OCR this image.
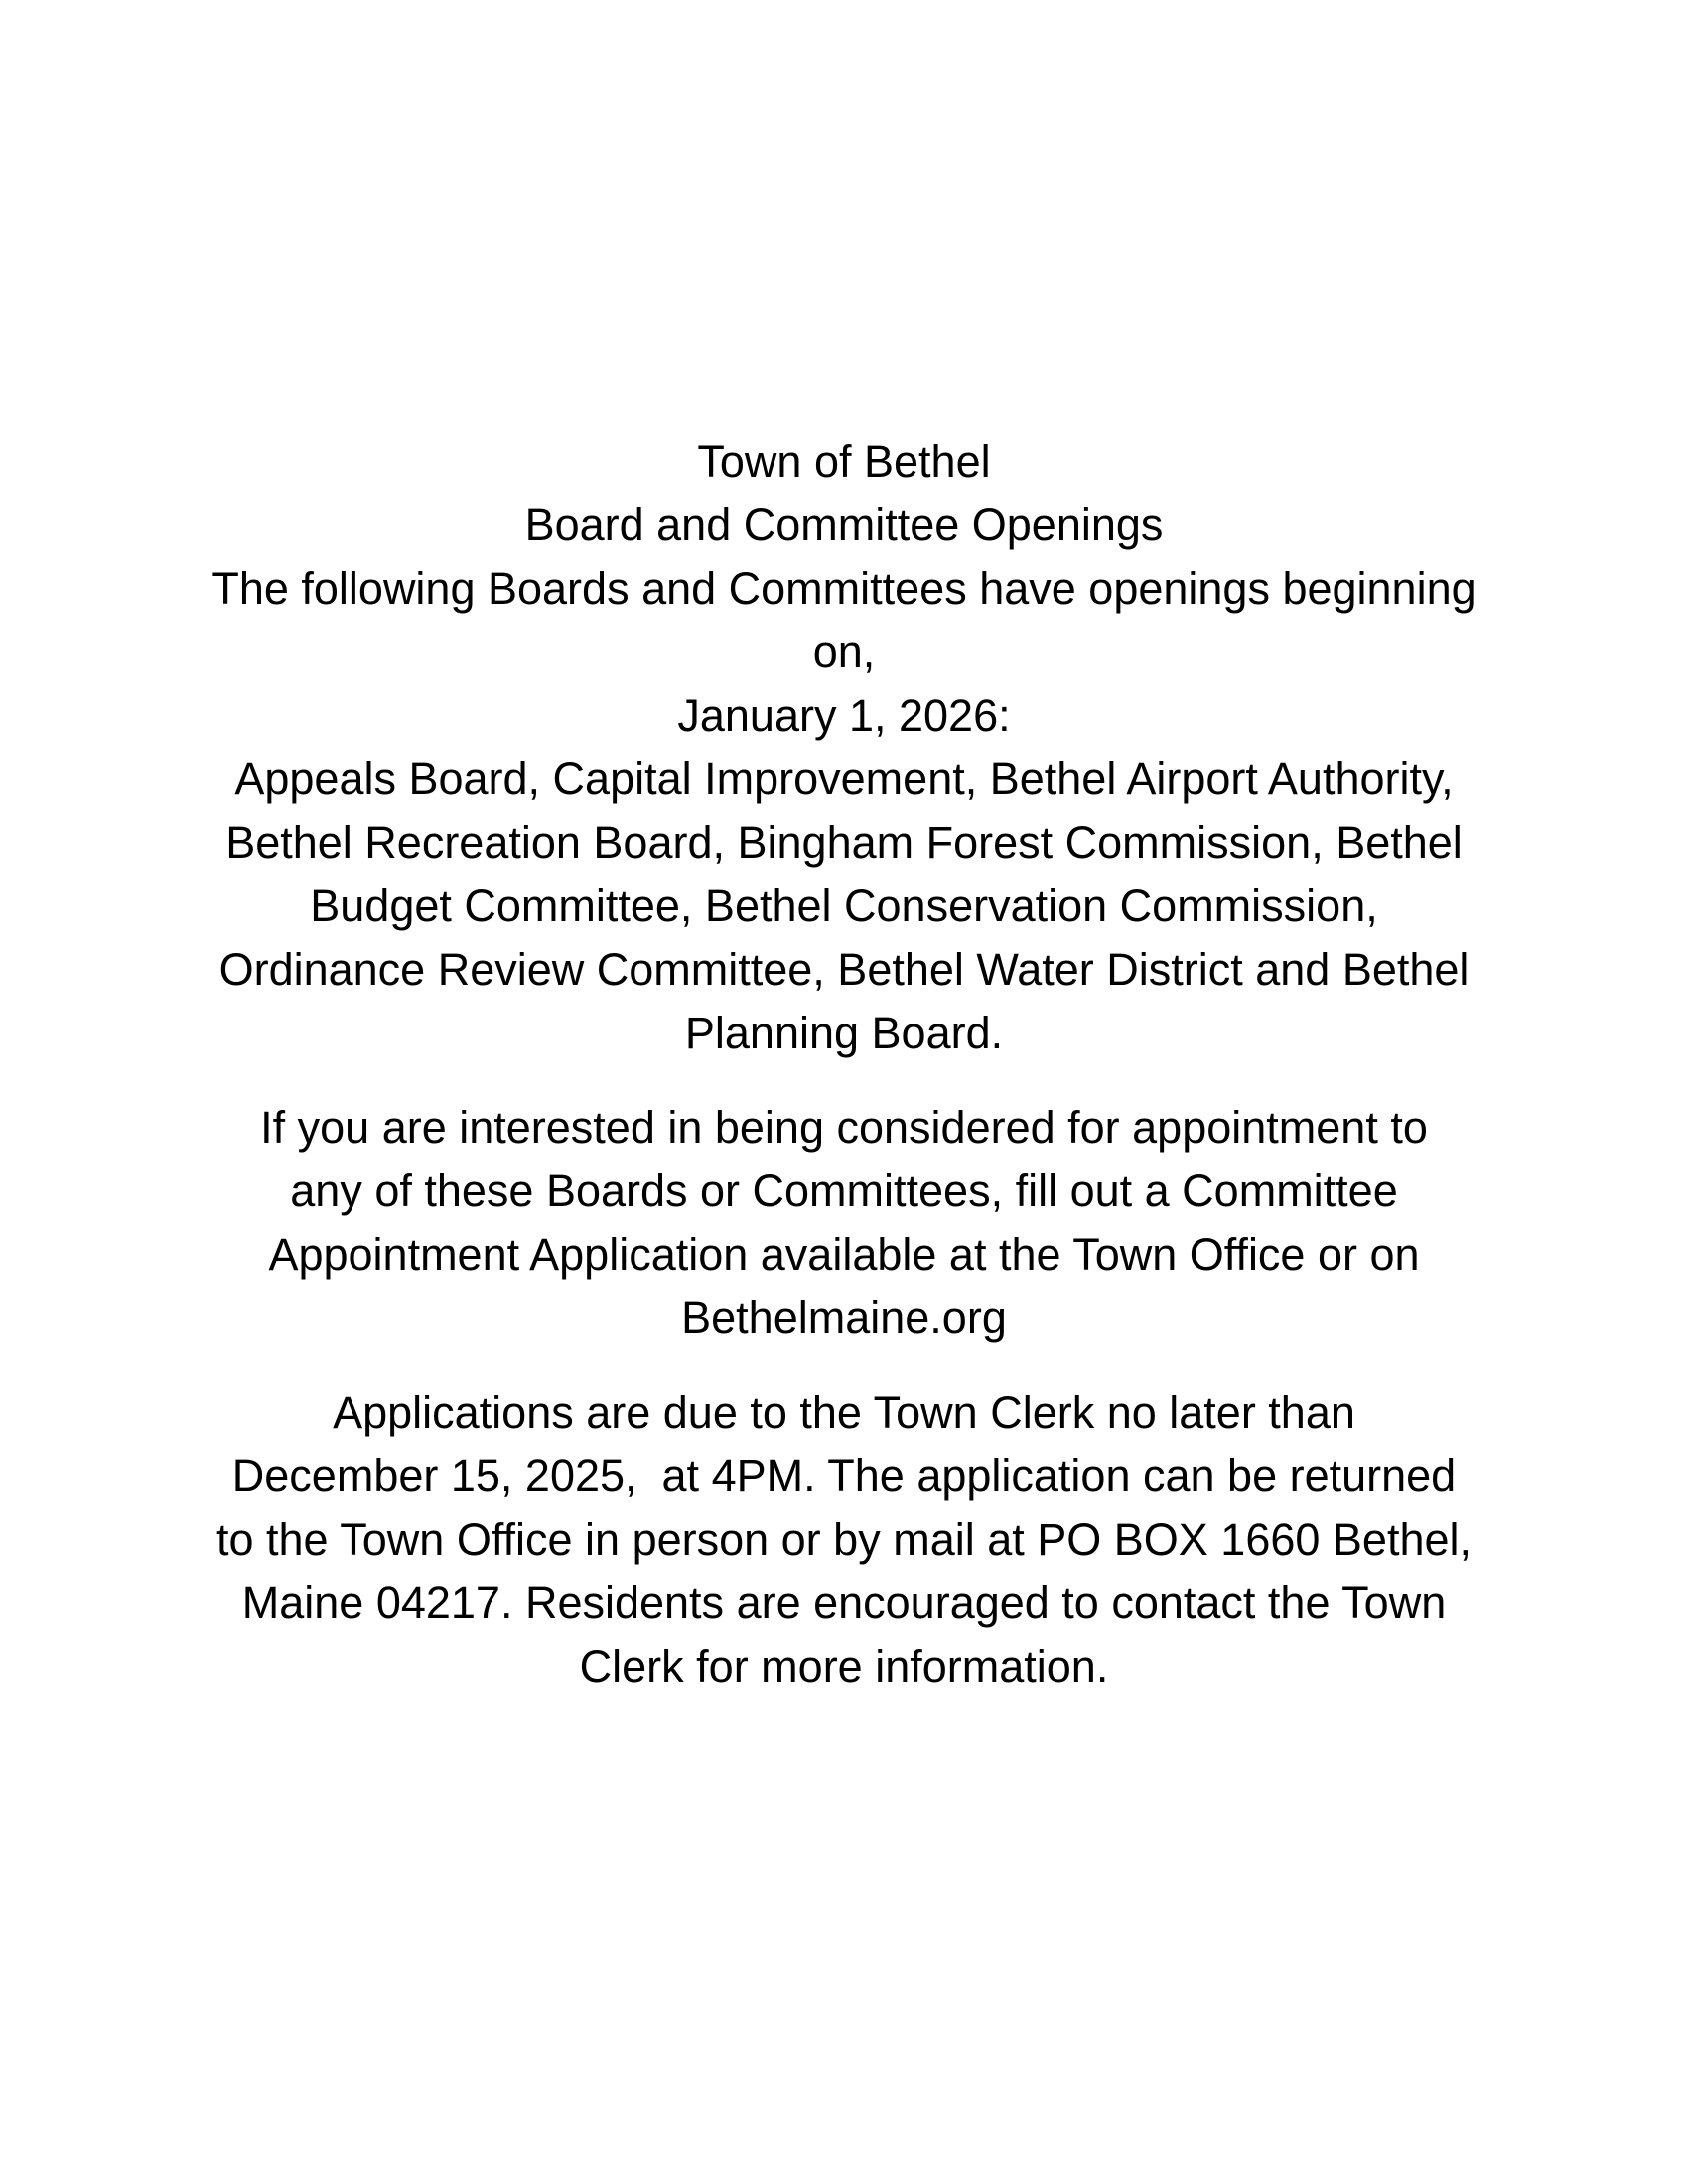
Town of Bethel
Board and Committee Openings
The following Boards and Committees have openings beginning
on,
January 1, 2026:
Appeals Board, Capital Improvement, Bethel Airport Authority,
Bethel Recreation Board, Bingham Forest Commission, Bethel
Budget Committee, Bethel Conservation Commission,
Ordinance Review Committee, Bethel Water District and Bethel
Planning Board.
If you are interested in being considered for appointment to
any of these Boards or Committees, fill out a Committee
Appointment Application available at the Town Office or on
Bethelmaine.org
Applications are due to the Town Clerk no later than
December 15, 2025,  at 4PM. The application can be returned
to the Town Office in person or by mail at PO BOX 1660 Bethel,
Maine 04217. Residents are encouraged to contact the Town
Clerk for more information.
